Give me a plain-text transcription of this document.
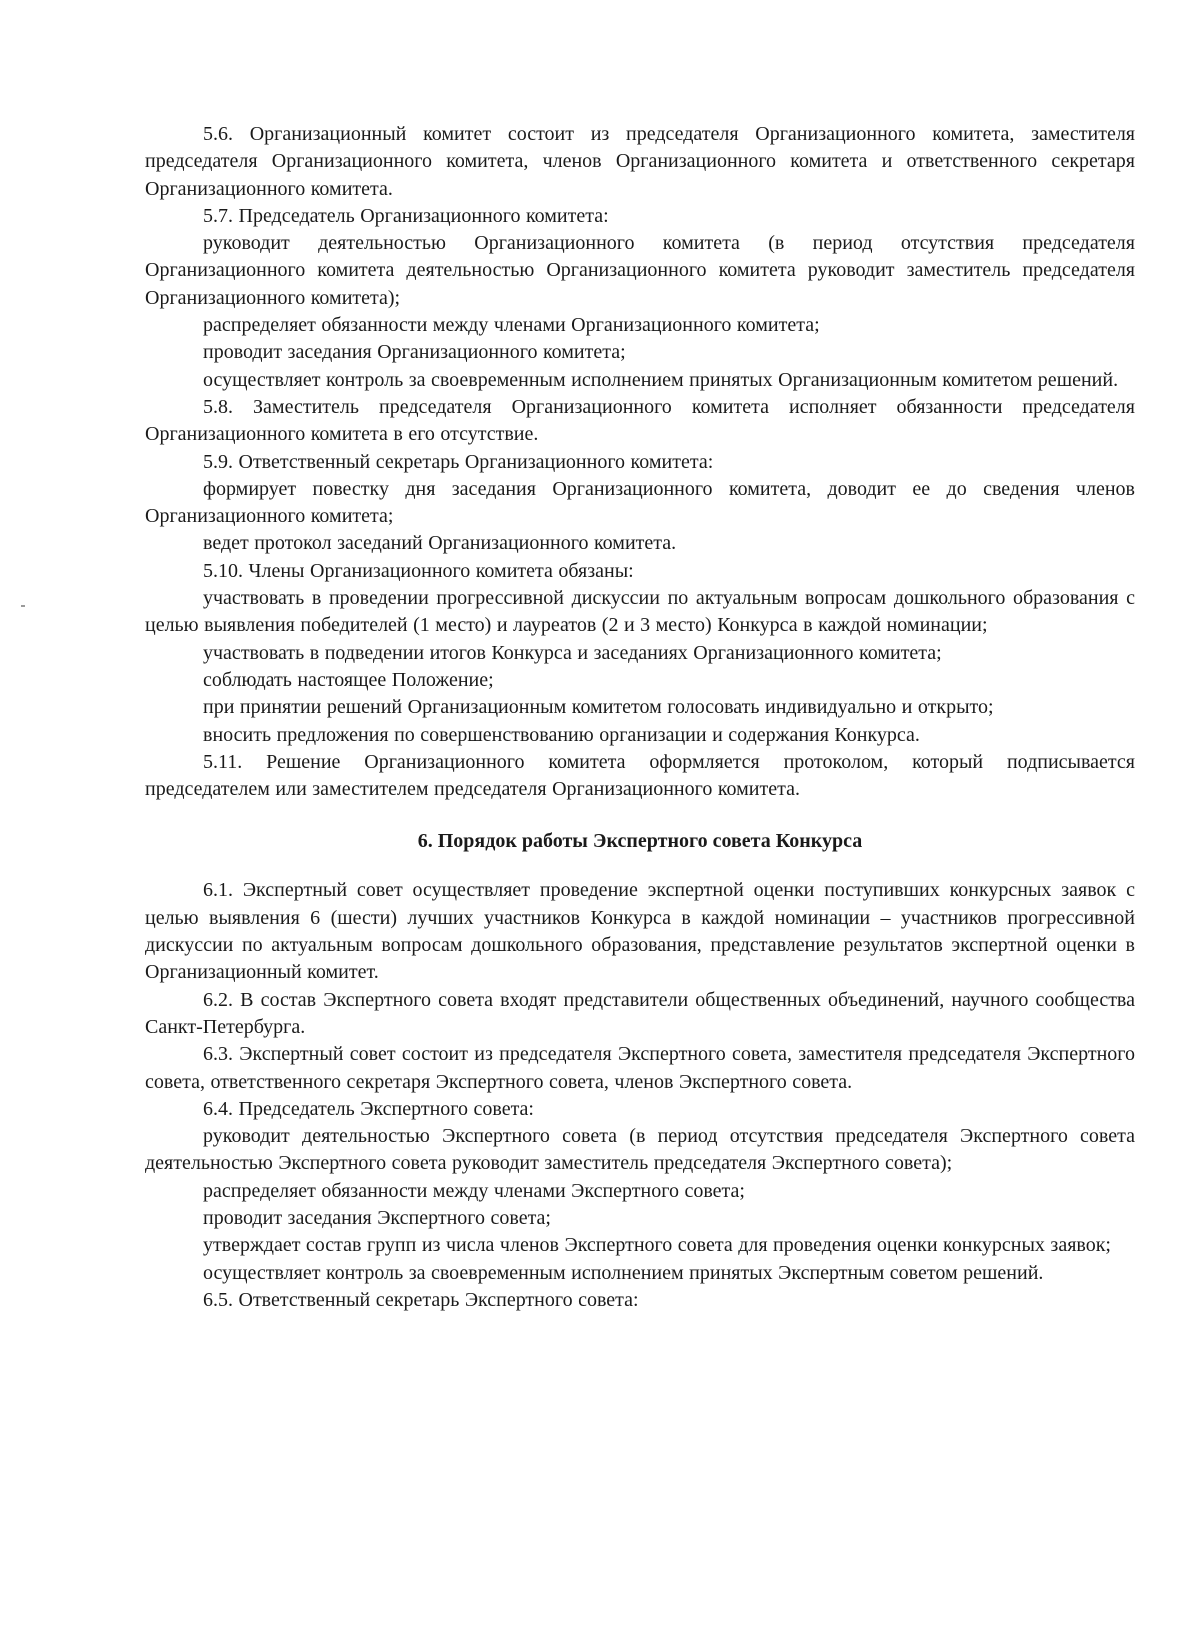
5.6. Организационный комитет состоит из председателя Организационного комитета, заместителя председателя Организационного комитета, членов Организационного комитета и ответственного секретаря Организационного комитета.

5.7. Председатель Организационного комитета:

руководит деятельностью Организационного комитета (в период отсутствия председателя Организационного комитета деятельностью Организационного комитета руководит заместитель председателя Организационного комитета);

распределяет обязанности между членами Организационного комитета;

проводит заседания Организационного комитета;

осуществляет контроль за своевременным исполнением принятых Организационным комитетом решений.

5.8. Заместитель председателя Организационного комитета исполняет обязанности председателя Организационного комитета в его отсутствие.

5.9. Ответственный секретарь Организационного комитета:

формирует повестку дня заседания Организационного комитета, доводит ее до сведения членов Организационного комитета;

ведет протокол заседаний Организационного комитета.

5.10. Члены Организационного комитета обязаны:

участвовать в проведении прогрессивной дискуссии по актуальным вопросам дошкольного образования с целью выявления победителей (1 место) и лауреатов (2 и 3 место) Конкурса в каждой номинации;

участвовать в подведении итогов Конкурса и заседаниях Организационного комитета;

соблюдать настоящее Положение;

при принятии решений Организационным комитетом голосовать индивидуально и открыто;

вносить предложения по совершенствованию организации и содержания Конкурса.

5.11. Решение Организационного комитета оформляется протоколом, который подписывается председателем или заместителем председателя Организационного комитета.

6. Порядок работы Экспертного совета Конкурса

6.1. Экспертный совет осуществляет проведение экспертной оценки поступивших конкурсных заявок с целью выявления 6 (шести) лучших участников Конкурса в каждой номинации – участников прогрессивной дискуссии по актуальным вопросам дошкольного образования, представление результатов экспертной оценки в Организационный комитет.

6.2. В состав Экспертного совета входят представители общественных объединений, научного сообщества Санкт-Петербурга.

6.3. Экспертный совет состоит из председателя Экспертного совета, заместителя председателя Экспертного совета, ответственного секретаря Экспертного совета, членов Экспертного совета.

6.4. Председатель Экспертного совета:

руководит деятельностью Экспертного совета (в период отсутствия председателя Экспертного совета деятельностью Экспертного совета руководит заместитель председателя Экспертного совета);

распределяет обязанности между членами Экспертного совета;

проводит заседания Экспертного совета;

утверждает состав групп из числа членов Экспертного совета для проведения оценки конкурсных заявок;

осуществляет контроль за своевременным исполнением принятых Экспертным советом решений.

6.5. Ответственный секретарь Экспертного совета:
